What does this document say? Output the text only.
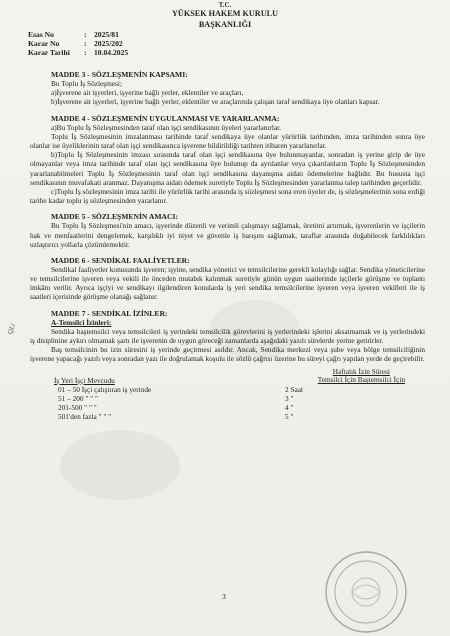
T.C.
YÜKSEK HAKEM KURULU
BAŞKANLIĞI
Esas No	: 2025/81
Karar No	: 2025/202
Karar Tarihi	: 10.04.2025

MADDE 3 - SÖZLEŞMENİN KAPSAMI:

Bu Toplu İş Sözleşmesi;

a)İşverene ait işyerleri, işyerine bağlı yerler, eklentiler ve araçları,

b)İşverene ait işyerleri, işyerine bağlı yerler, eklentiler ve araçlarında çalışan taraf sendikaya üye olanları kapsar.

MADDE 4 - SÖZLEŞMENİN UYGULANMASI VE YARARLANMA:

a)Bu Toplu İş Sözleşmesinden taraf olan işçi sendikasının üyeleri yararlanırlar.

Toplu İş Sözleşmesinin imzalanması tarihinde taraf sendikaya üye olanlar yürürlük tarihinden, imza tarihinden sonra üye olanlar ise üyeliklerinin taraf olan işçi sendikasınca işverene bildirildiği tarihten itibaren yararlanırlar.

b)Toplu İş Sözleşmesinin imzası sırasında taraf olan işçi sendikasına üye bulunmayanlar, sonradan iş yerine girip de üye olmayanlar veya imza tarihinde taraf olan işçi sendikasına üye bulunup da ayrılanlar veya çıkarılanların Toplu İş Sözleşmesinden yararlanabilmeleri Toplu İş Sözleşmesinin taraf olan işçi sendikasına dayanışma aidatı ödemelerine bağlıdır. Bu hususta işçi sendikasının muvafakati aranmaz. Dayanışma aidatı ödemek suretiyle Toplu İş Sözleşmesinden yararlanma talep tarihinden geçerlidir.

c)Toplu İş sözleşmesinin imza tarihi ile yürürlük tarihi arasında iş sözleşmesi sona eren üyeler de, iş sözleşmelerinin sona erdiği tarihe kadar toplu iş sözleşmesinden yararlanır.

MADDE 5 - SÖZLEŞMENİN AMACI:

Bu Toplu İş Sözleşmesi'nin amacı, işyerinde düzenli ve verimli çalışmayı sağlamak, üretimi artırmak, işverenlerin ve işçilerin hak ve menfaatlerini dengelemek, karşılıklı iyi niyet ve güvenle iş barışını sağlamak, taraflar arasında doğabilecek farklılıkları uzlaştırıcı yollarla çözümlemektir.

MADDE 6 - SENDİKAL FAALİYETLER:

Sendikal faaliyetler konusunda işveren; işyine, sendika yönetici ve temsilcilerine gerekli kolaylığı sağlar. Sendika yöneticilerine ve temsilcilerine işveren veya vekili ile önceden mutabık kalınmak suretiyle günün uygun saatlerinde işçilerle görüşme ve toplantı imkânı verilir. Ayrıca işçiyi ve sendikayı ilgilendiren konularda iş yeri sendika temsilcilerine işveren veya işveren vekilleri ile iş saatleri içerisinde görüşme olanağı sağlanır.

MADDE 7 - SENDİKAL İZİNLER:

A-Temsilci İzinleri:

Sendika baştemsilci veya temsilcileri iş yerindeki temsilcilik görevlerini iş yerlerindeki işlerini aksatmamak ve iş yerlerindeki iş disiplinine aykırı olmamak şartı ile işverenin de uygun göreceği zamanlarda aşağıdaki yazılı sürelerde yerine getirirler.

Baş temsilcinin bu izin süresini iş yerinde geçirmesi asıldır. Ancak, Sendika merkezi veya şube veya bölge temsilciliğinin işverene yapacağı yazılı veya sonradan yazı ile doğrulamak koşulu ile sözlü çağrısı üzerine bu süreyi çağrı yapılan yerde de geçirebilir.

İş Yeri İşçi Mevcudu
Haftalık İzin Süresi
Temsilci İçin Baştemsilci İçin
01 – 50 İşçi çalıştıran iş yerinde	2 Saat
51 – 200 " " "	3 "
201-500 " " "	4 "
501'den fazla " " "	5 "
QLi
3
